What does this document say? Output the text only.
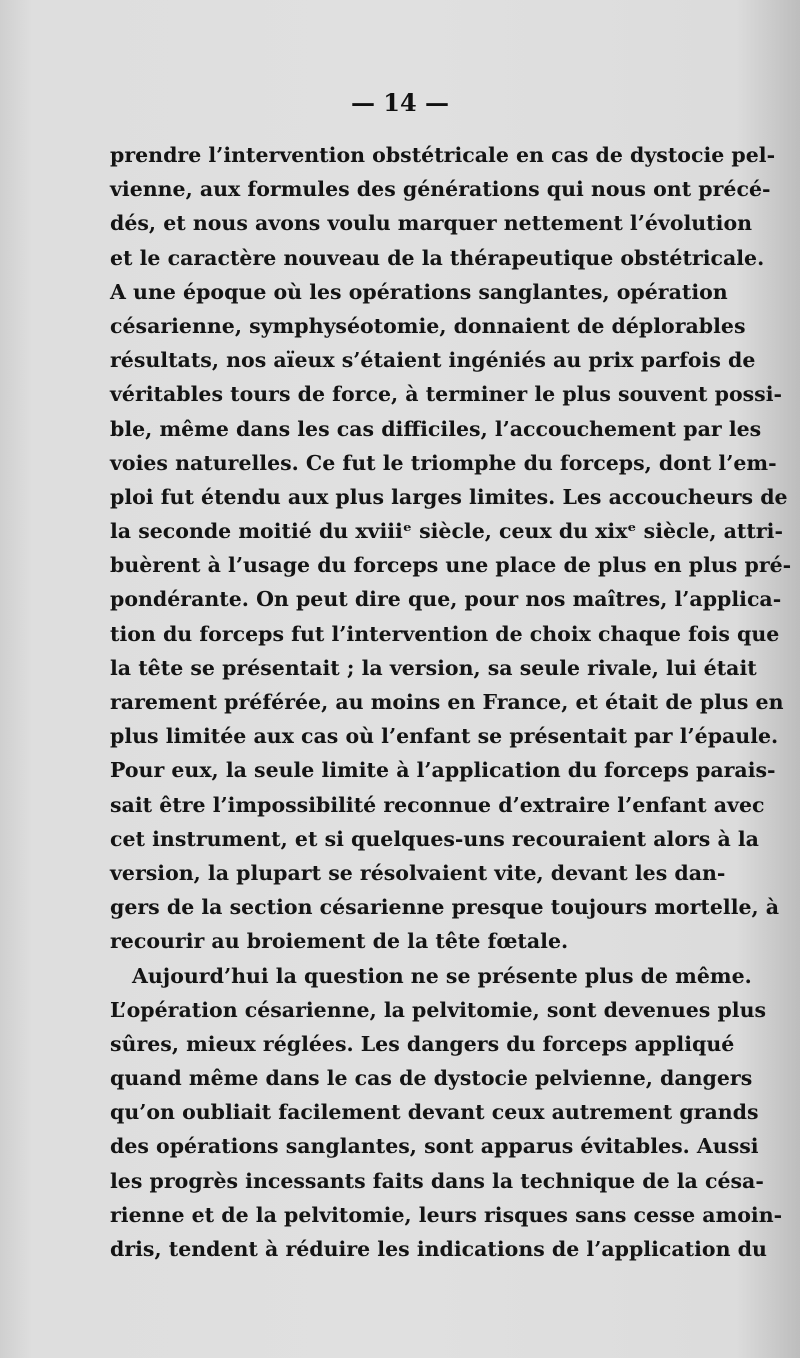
— 14 —
prendre l’intervention obstétricale en cas de dystocie pel-
vienne, aux formules des générations qui nous ont précé-
dés, et nous avons voulu marquer nettement l’évolution
et le caractère nouveau de la thérapeutique obstétricale.
A une époque où les opérations sanglantes, opération
césarienne, symphyséotomie, donnaient de déplorables
résultats, nos aïeux s’étaient ingéniés au prix parfois de
véritables tours de force, à terminer le plus souvent possi-
ble, même dans les cas difficiles, l’accouchement par les
voies naturelles. Ce fut le triomphe du forceps, dont l’em-
ploi fut étendu aux plus larges limites. Les accoucheurs de
la seconde moitié du xviiiᵉ siècle, ceux du xixᵉ siècle, attri-
buèrent à l’usage du forceps une place de plus en plus pré-
pondérante. On peut dire que, pour nos maîtres, l’applica-
tion du forceps fut l’intervention de choix chaque fois que
la tête se présentait ; la version, sa seule rivale, lui était
rarement préférée, au moins en France, et était de plus en
plus limitée aux cas où l’enfant se présentait par l’épaule.
Pour eux, la seule limite à l’application du forceps parais-
sait être l’impossibilité reconnue d’extraire l’enfant avec
cet instrument, et si quelques-uns recouraient alors à la
version, la plupart se résolvaient vite, devant les dan-
gers de la section césarienne presque toujours mortelle, à
recourir au broiement de la tête fœtale.
Aujourd’hui la question ne se présente plus de même.
L’opération césarienne, la pelvitomie, sont devenues plus
sûres, mieux réglées. Les dangers du forceps appliqué
quand même dans le cas de dystocie pelvienne, dangers
qu’on oubliait facilement devant ceux autrement grands
des opérations sanglantes, sont apparus évitables. Aussi
les progrès incessants faits dans la technique de la césa-
rienne et de la pelvitomie, leurs risques sans cesse amoin-
dris, tendent à réduire les indications de l’application du
